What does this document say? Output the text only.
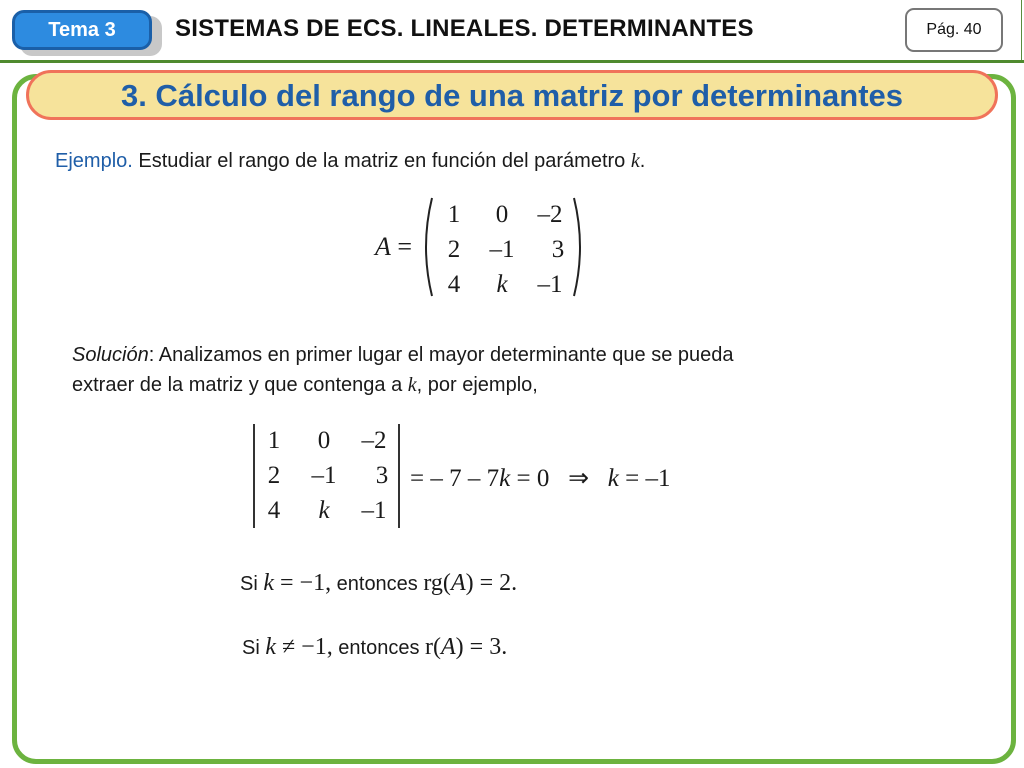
Tema 3 SISTEMAS DE ECS. LINEALES. DETERMINANTES	Pág. 40
3. Cálculo del rango de una matriz por determinantes
Ejemplo. Estudiar el rango de la matriz en función del parámetro k.
A =
1	0	–2
2	–1	3
4	k	–1
Solución: Analizamos en primer lugar el mayor determinante que se pueda
extraer de la matriz y que contenga a k, por ejemplo,
1	0	–2
2	–1	3
4	k	–1
= – 7 – 7k = 0 ⇒ k = –1
Si k = −1, entonces rg(A) = 2.
Si k ≠ −1, entonces r(A) = 3.
